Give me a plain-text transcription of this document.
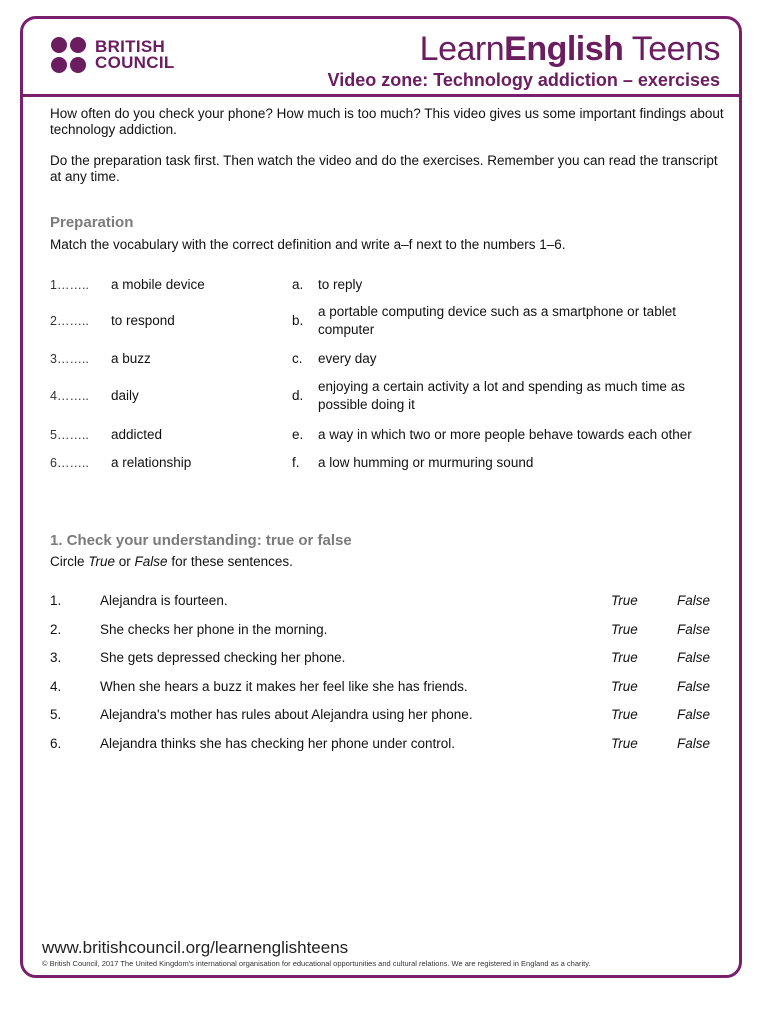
BRITISH
COUNCIL	LearnEnglish Teens
Video zone: Technology addiction – exercises

How often do you check your phone? How much is too much? This video gives us some important findings about technology addiction.

Do the preparation task first. Then watch the video and do the exercises. Remember you can read the transcript at any time.

Preparation
Match the vocabulary with the correct definition and write a–f next to the numbers 1–6.
1…….. a mobile device	a. to reply
2…….. to respond	b.
a portable computing device such as a smartphone or tablet computer
3…….. a buzz	c. every day
4…….. daily	d.
enjoying a certain activity a lot and spending as much time as possible doing it
5…….. addicted	e. a way in which two or more people behave towards each other
6…….. a relationship	f. a low humming or murmuring sound
1. Check your understanding: true or false
Circle True or False for these sentences.
1.	Alejandra is fourteen.	True	False
2.	She checks her phone in the morning.	True	False
3.	She gets depressed checking her phone.	True	False
4.	When she hears a buzz it makes her feel like she has friends.	True	False
5.	Alejandra's mother has rules about Alejandra using her phone.	True	False
6.	Alejandra thinks she has checking her phone under control.	True	False
www.britishcouncil.org/learnenglishteens
© British Council, 2017 The United Kingdom's international organisation for educational opportunities and cultural relations. We are registered in England as a charity.
